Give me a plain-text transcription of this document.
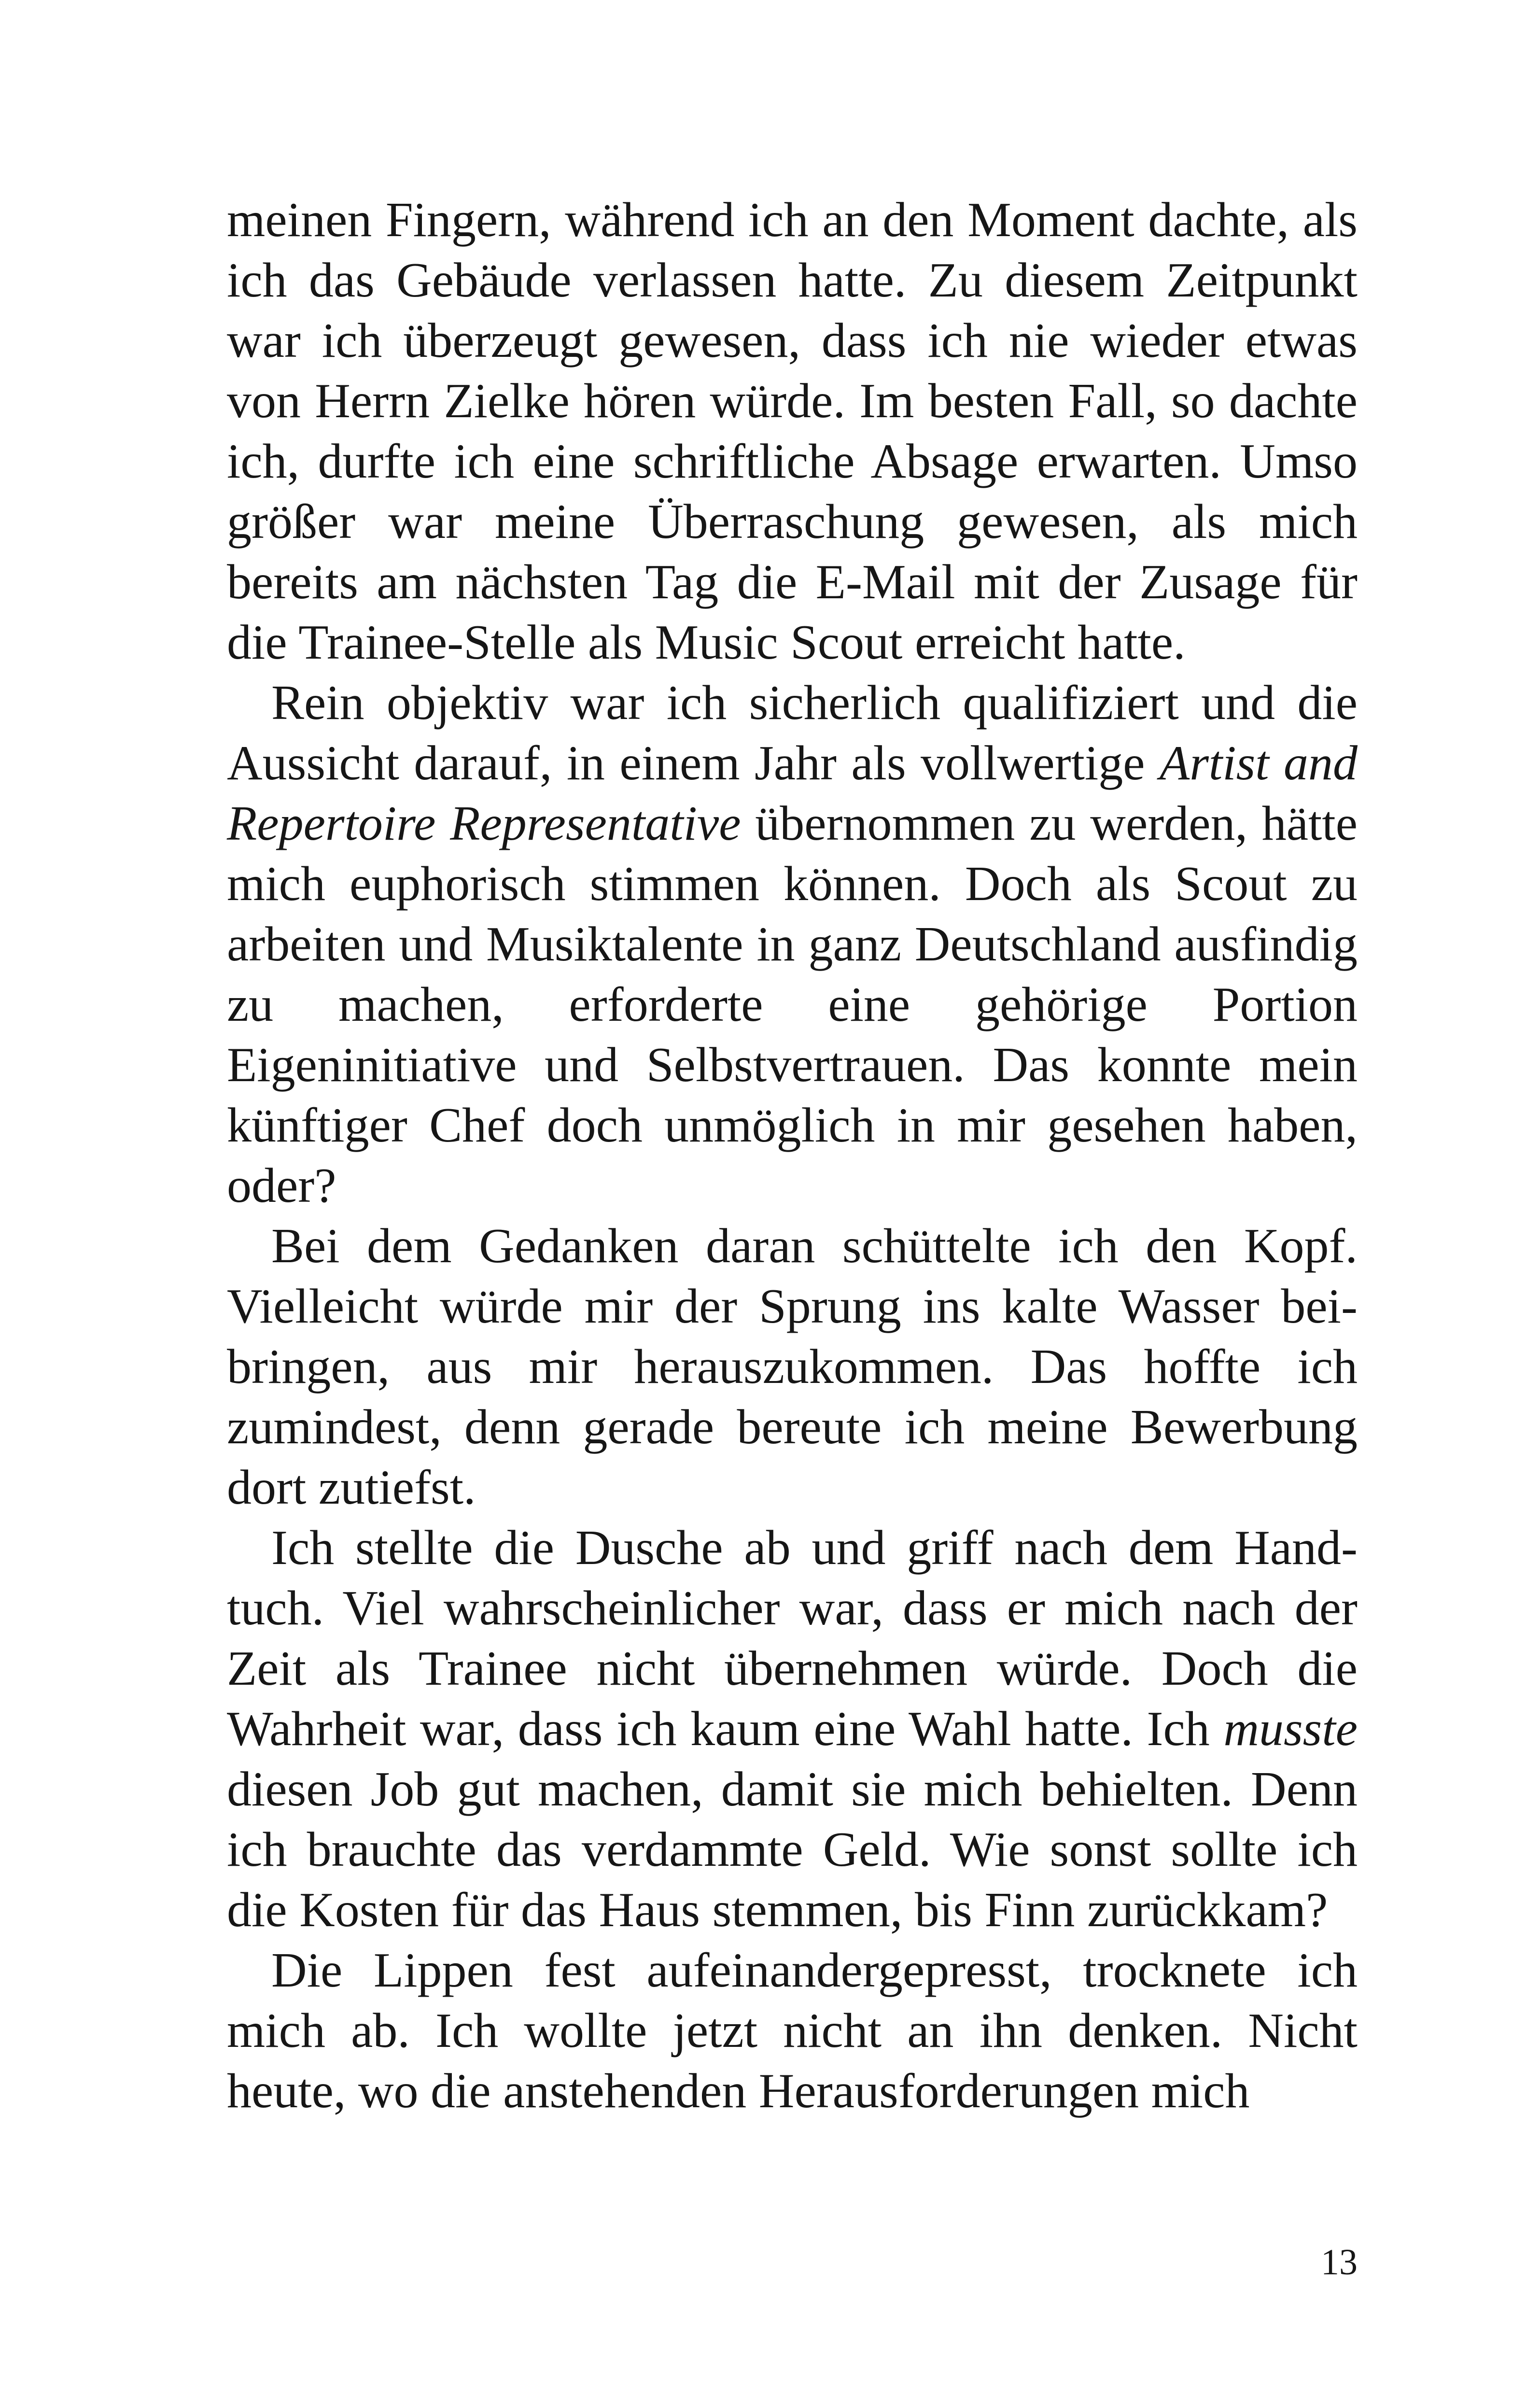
meinen Fingern, während ich an den Moment dachte, als ich das Gebäude verlassen hatte. Zu diesem Zeitpunkt war ich überzeugt gewesen, dass ich nie wieder etwas von Herrn Zielke hören würde. Im besten Fall, so dachte ich, durfte ich eine schriftliche Absage erwarten. Umso größer war meine Überraschung gewesen, als mich bereits am nächsten Tag die E-Mail mit der Zusage für die Trainee-Stelle als Music Scout erreicht hatte.

Rein objektiv war ich sicherlich qualifiziert und die Aussicht darauf, in einem Jahr als vollwertige Artist and Repertoire Representative übernommen zu werden, hätte mich euphorisch stimmen können. Doch als Scout zu arbeiten und Musiktalente in ganz Deutschland ausfindig zu machen, erforderte eine gehörige Portion Eigeninitiative und Selbstvertrauen. Das konnte mein künftiger Chef doch unmöglich in mir gesehen haben, oder?

Bei dem Gedanken daran schüttelte ich den Kopf. Vielleicht würde mir der Sprung ins kalte Wasser beibringen, aus mir herauszukommen. Das hoffte ich zumindest, denn gerade bereute ich meine Bewerbung dort zutiefst.

Ich stellte die Dusche ab und griff nach dem Handtuch. Viel wahrscheinlicher war, dass er mich nach der Zeit als Trainee nicht übernehmen würde. Doch die Wahrheit war, dass ich kaum eine Wahl hatte. Ich musste diesen Job gut machen, damit sie mich behielten. Denn ich brauchte das verdammte Geld. Wie sonst sollte ich die Kosten für das Haus stemmen, bis Finn zurückkam?

Die Lippen fest aufeinandergepresst, trocknete ich mich ab. Ich wollte jetzt nicht an ihn denken. Nicht heute, wo die anstehenden Herausforderungen mich

13
